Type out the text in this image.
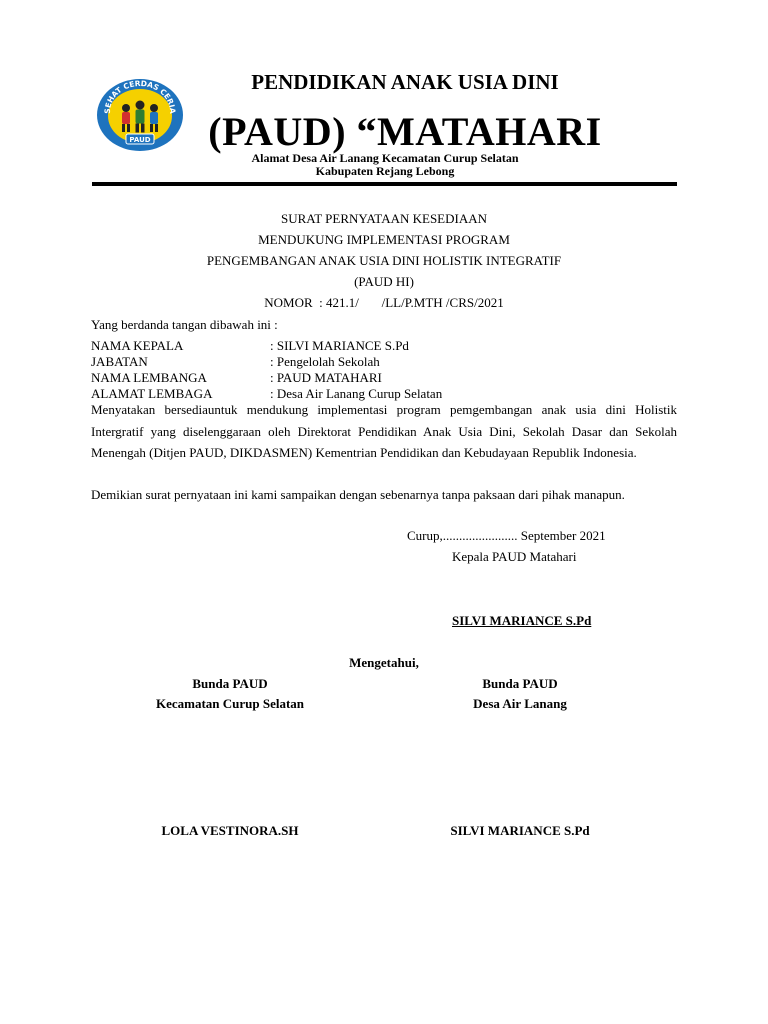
SEHAT CERDAS CERIA
PAUD
PENDIDIKAN ANAK USIA DINI
(PAUD) “MATAHARI
Alamat Desa Air Lanang Kecamatan Curup Selatan
Kabupaten Rejang Lebong
SURAT PERNYATAAN KESEDIAAN
MENDUKUNG IMPLEMENTASI PROGRAM
PENGEMBANGAN ANAK USIA DINI HOLISTIK INTEGRATIF
(PAUD HI)
NOMOR  : 421.1/       /LL/P.MTH /CRS/2021
Yang berdanda tangan dibawah ini :
NAMA KEPALA	: SILVI MARIANCE S.Pd
JABATAN	: Pengelolah Sekolah
NAMA LEMBANGA	: PAUD MATAHARI
ALAMAT LEMBAGA	: Desa Air Lanang Curup Selatan
Menyatakan bersediauntuk mendukung implementasi program pemgembangan anak usia dini Holistik Intergratif yang diselenggaraan oleh Direktorat Pendidikan Anak Usia Dini, Sekolah Dasar dan Sekolah Menengah (Ditjen PAUD, DIKDASMEN) Kementrian Pendidikan dan Kebudayaan Republik Indonesia.
Demikian surat pernyataan ini kami sampaikan dengan sebenarnya tanpa paksaan dari pihak manapun.
Curup,....................... September 2021
Kepala PAUD Matahari
SILVI MARIANCE S.Pd
Mengetahui,
Bunda PAUD
Kecamatan Curup Selatan
LOLA VESTINORA.SH
Bunda PAUD
Desa Air Lanang
SILVI MARIANCE S.Pd
